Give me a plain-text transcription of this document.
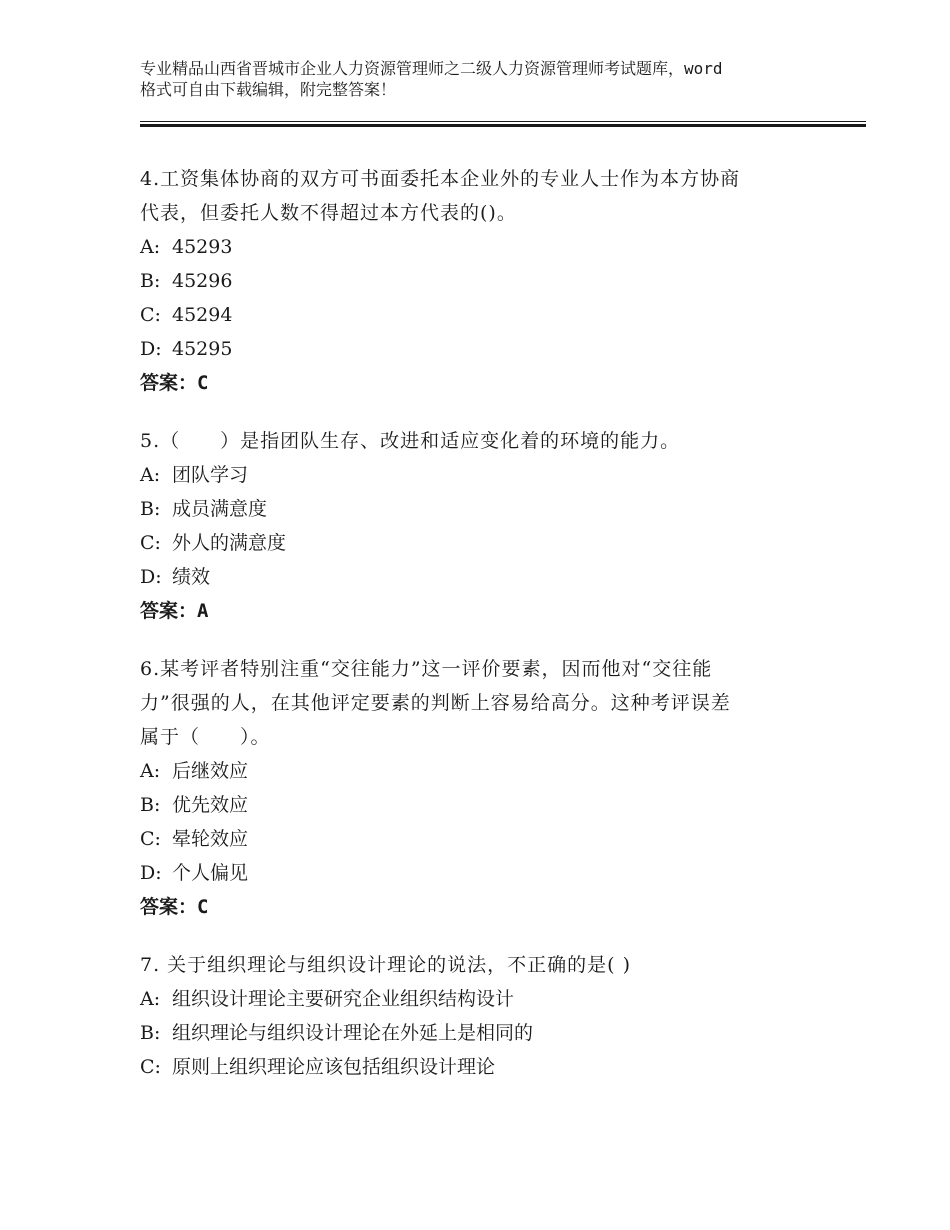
专业精品山西省晋城市企业人力资源管理师之二级人力资源管理师考试题库，word
格式可自由下载编辑，附完整答案！
4.工资集体协商的双方可书面委托本企业外的专业人士作为本方协商
代表，但委托人数不得超过本方代表的()。
A: 45293
B: 45296
C: 45294
D: 45295
答案：C
5.（　　）是指团队生存、改进和适应变化着的环境的能力。
A: 团队学习
B: 成员满意度
C: 外人的满意度
D: 绩效
答案：A
6.某考评者特别注重“交往能力”这一评价要素，因而他对“交往能
力”很强的人，在其他评定要素的判断上容易给高分。这种考评误差
属于（　　）。
A: 后继效应
B: 优先效应
C: 晕轮效应
D: 个人偏见
答案：C
7. 关于组织理论与组织设计理论的说法，不正确的是( )
A: 组织设计理论主要研究企业组织结构设计
B: 组织理论与组织设计理论在外延上是相同的
C: 原则上组织理论应该包括组织设计理论
